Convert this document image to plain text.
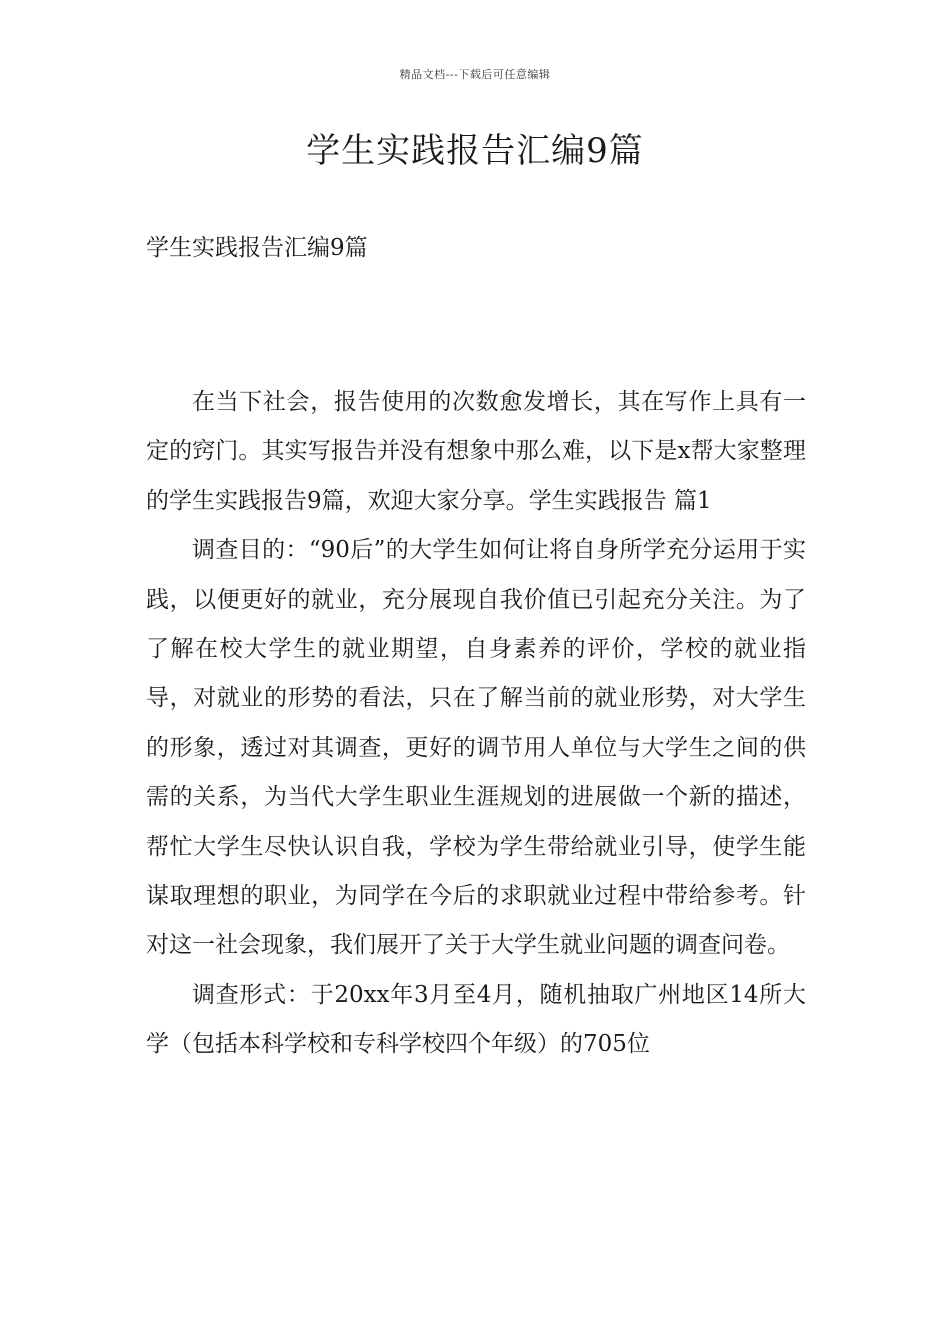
精品文档---下载后可任意编辑
学生实践报告汇编9篇
学生实践报告汇编9篇

在当下社会，报告使用的次数愈发增长，其在写作上具有一定的窍门。其实写报告并没有想象中那么难，以下是x帮大家整理的学生实践报告9篇，欢迎大家分享。学生实践报告 篇1

调查目的：“90后”的大学生如何让将自身所学充分运用于实践，以便更好的就业，充分展现自我价值已引起充分关注。为了了解在校大学生的就业期望，自身素养的评价，学校的就业指导，对就业的形势的看法，只在了解当前的就业形势，对大学生的形象，透过对其调查，更好的调节用人单位与大学生之间的供需的关系，为当代大学生职业生涯规划的进展做一个新的描述，帮忙大学生尽快认识自我，学校为学生带给就业引导，使学生能谋取理想的职业，为同学在今后的求职就业过程中带给参考。针对这一社会现象，我们展开了关于大学生就业问题的调查问卷。

调查形式：于20xx年3月至4月，随机抽取广州地区14所大学（包括本科学校和专科学校四个年级）的705位
